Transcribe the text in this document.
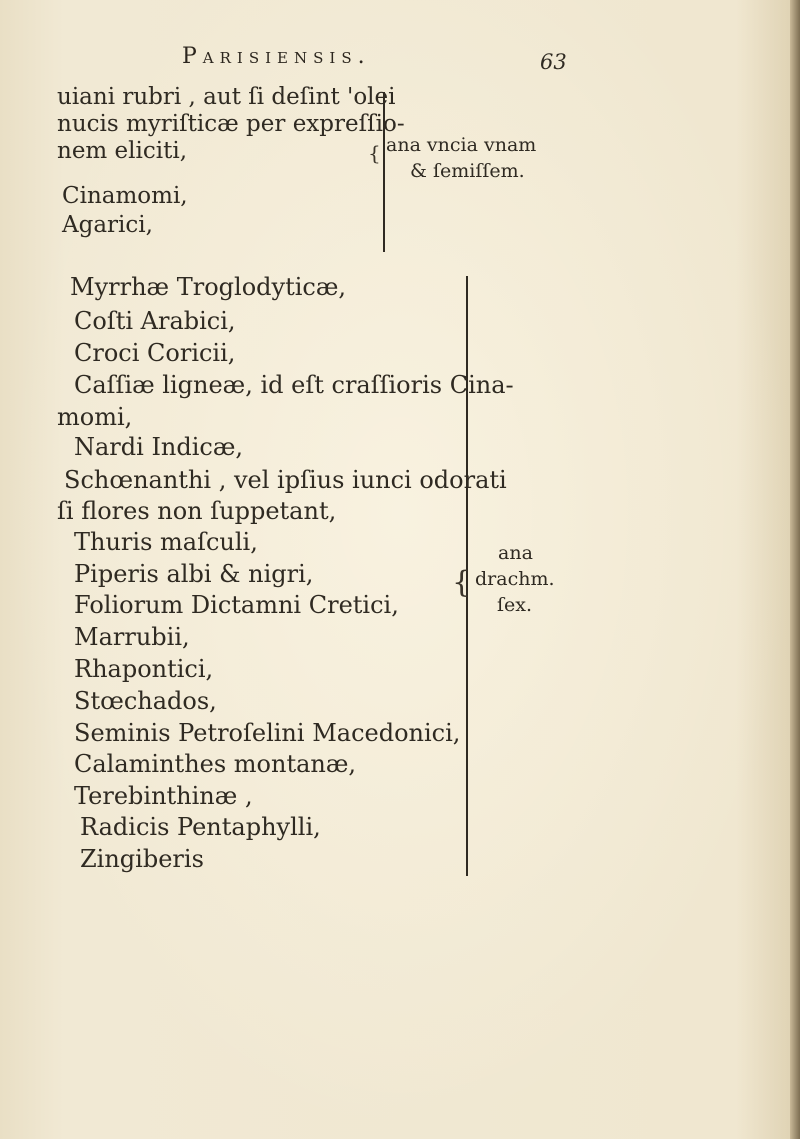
Parisiensis.	63
uiani rubri , aut ſi deſint 'olei
nucis myriſticæ per expreſſio-
nem eliciti,
Cinamomi,
Agarici,
{ ana vncia vnam
& ſemiſſem.
Myrrhæ Troglodyticæ,
Coſti Arabici,
Croci Coricii,
Caſſiæ ligneæ, id eſt craſſioris Cina-
momi,
Nardi Indicæ,
Schœnanthi , vel ipſius iunci odorati
ſi flores non ſuppetant,
Thuris maſculi,
Piperis albi & nigri,
Foliorum Dictamni Cretici,
Marrubii,
Rhapontici,
Stœchados,
Seminis Petroſelini Macedonici,
Calaminthes montanæ,
Terebinthinæ ,
Radicis Pentaphylli,
Zingiberis
{
ana
drachm.
ſex.
